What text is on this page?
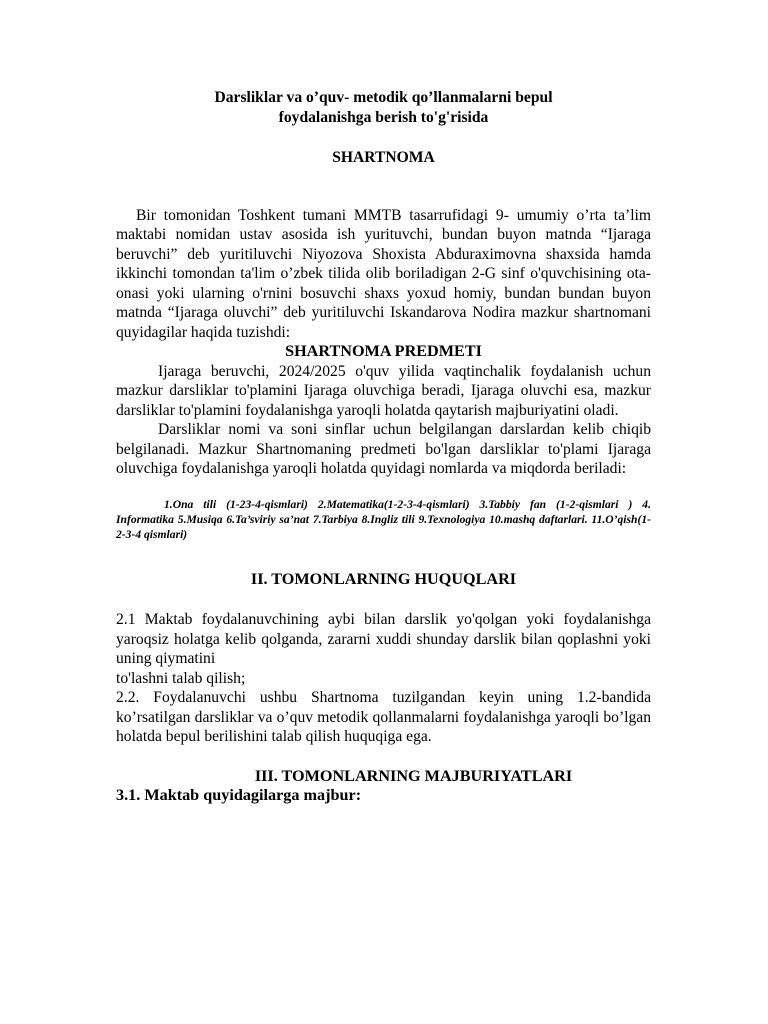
Darsliklar va o’quv- metodik qo’llanmalarni bepul
foydalanishga berish to'g'risida
SHARTNOMA

Bir tomonidan Toshkent tumani MMTB tasarrufidagi 9- umumiy o’rta ta’lim maktabi nomidan ustav asosida ish yurituvchi, bundan buyon matnda “Ijaraga beruvchi” deb yuritiluvchi Niyozova Shoxista Abduraximovna shaxsida hamda ikkinchi tomondan ta'lim o’zbek tilida olib boriladigan 2-G sinf o'quvchisining ota-onasi yoki ularning o'rnini bosuvchi shaxs yoxud homiy, bundan bundan buyon matnda “Ijaraga oluvchi” deb yuritiluvchi Iskandarova Nodira mazkur shartnomani quyidagilar haqida tuzishdi:

SHARTNOMA PREDMETI

Ijaraga beruvchi, 2024/2025 o'quv yilida vaqtinchalik foydalanish uchun mazkur darsliklar to'plamini Ijaraga oluvchiga beradi, Ijaraga oluvchi esa, mazkur darsliklar to'plamini foydalanishga yaroqli holatda qaytarish majburiyatini oladi.

Darsliklar nomi va soni sinflar uchun belgilangan darslardan kelib chiqib belgilanadi. Mazkur Shartnomaning predmeti bo'lgan darsliklar to'plami Ijaraga oluvchiga foydalanishga yaroqli holatda quyidagi nomlarda va miqdorda beriladi:

1.Ona tili (1-23-4-qismlari) 2.Matematika(1-2-3-4-qismlari) 3.Tabbiy fan (1-2-qismlari ) 4. Informatika 5.Musiqa 6.Ta’sviriy sa’nat 7.Tarbiya 8.Ingliz tili 9.Texnologiya 10.mashq daftarlari. 11.O’qish(1-2-3-4 qismlari)

II. TOMONLARNING HUQUQLARI

2.1 Maktab foydalanuvchining aybi bilan darslik yo'qolgan yoki foydalanishga yaroqsiz holatga kelib qolganda, zararni xuddi shunday darslik bilan qoplashni yoki uning qiymatini

to'lashni talab qilish;

2.2. Foydalanuvchi ushbu Shartnoma tuzilgandan keyin uning 1.2-bandida ko’rsatilgan darsliklar va o’quv metodik qollanmalarni foydalanishga yaroqli bo’lgan holatda bepul berilishini talab qilish huquqiga ega.

III. TOMONLARNING MAJBURIYATLARI
3.1. Maktab quyidagilarga majbur:
